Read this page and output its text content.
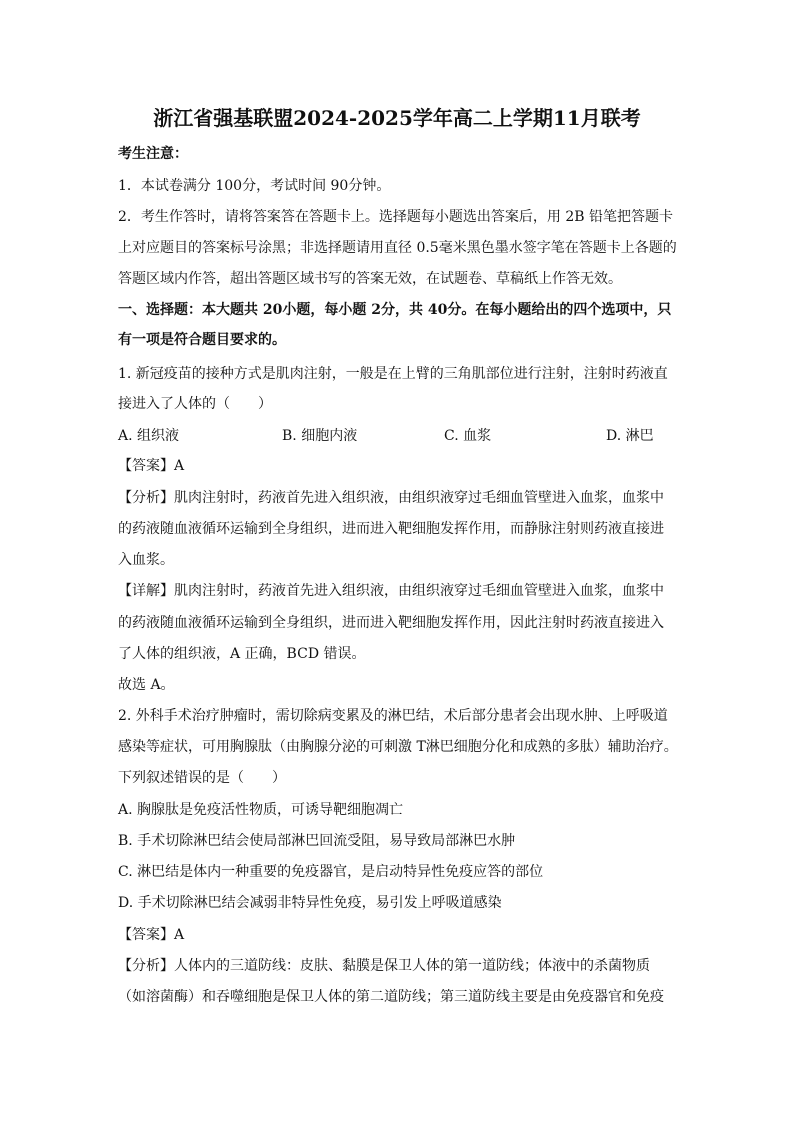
浙江省强基联盟2024-2025学年高二上学期11月联考
考生注意：
1．本试卷满分 100分，考试时间 90分钟。
2．考生作答时，请将答案答在答题卡上。选择题每小题选出答案后，用 2B 铅笔把答题卡
上对应题目的答案标号涂黑；非选择题请用直径 0.5毫米黑色墨水签字笔在答题卡上各题的
答题区域内作答，超出答题区域书写的答案无效，在试题卷、草稿纸上作答无效。
一、选择题：本大题共 20小题，每小题 2分，共 40分。在每小题给出的四个选项中，只
有一项是符合题目要求的。
1. 新冠疫苗的接种方式是肌肉注射，一般是在上臂的三角肌部位进行注射，注射时药液直
接进入了人体的（　　）
A. 组织液	B. 细胞内液	C. 血浆	D. 淋巴
【答案】A
【分析】肌肉注射时，药液首先进入组织液，由组织液穿过毛细血管壁进入血浆，血浆中
的药液随血液循环运输到全身组织，进而进入靶细胞发挥作用，而静脉注射则药液直接进
入血浆。
【详解】肌肉注射时，药液首先进入组织液，由组织液穿过毛细血管壁进入血浆，血浆中
的药液随血液循环运输到全身组织，进而进入靶细胞发挥作用，因此注射时药液直接进入
了人体的组织液，A 正确，BCD 错误。
故选 A。
2. 外科手术治疗肿瘤时，需切除病变累及的淋巴结，术后部分患者会出现水肿、上呼吸道
感染等症状，可用胸腺肽（由胸腺分泌的可刺激 T淋巴细胞分化和成熟的多肽）辅助治疗。
下列叙述错误的是（　　）
A. 胸腺肽是免疫活性物质，可诱导靶细胞凋亡
B. 手术切除淋巴结会使局部淋巴回流受阻，易导致局部淋巴水肿
C. 淋巴结是体内一种重要的免疫器官，是启动特异性免疫应答的部位
D. 手术切除淋巴结会减弱非特异性免疫，易引发上呼吸道感染
【答案】A
【分析】人体内的三道防线：皮肤、黏膜是保卫人体的第一道防线；体液中的杀菌物质
（如溶菌酶）和吞噬细胞是保卫人体的第二道防线；第三道防线主要是由免疫器官和免疫
